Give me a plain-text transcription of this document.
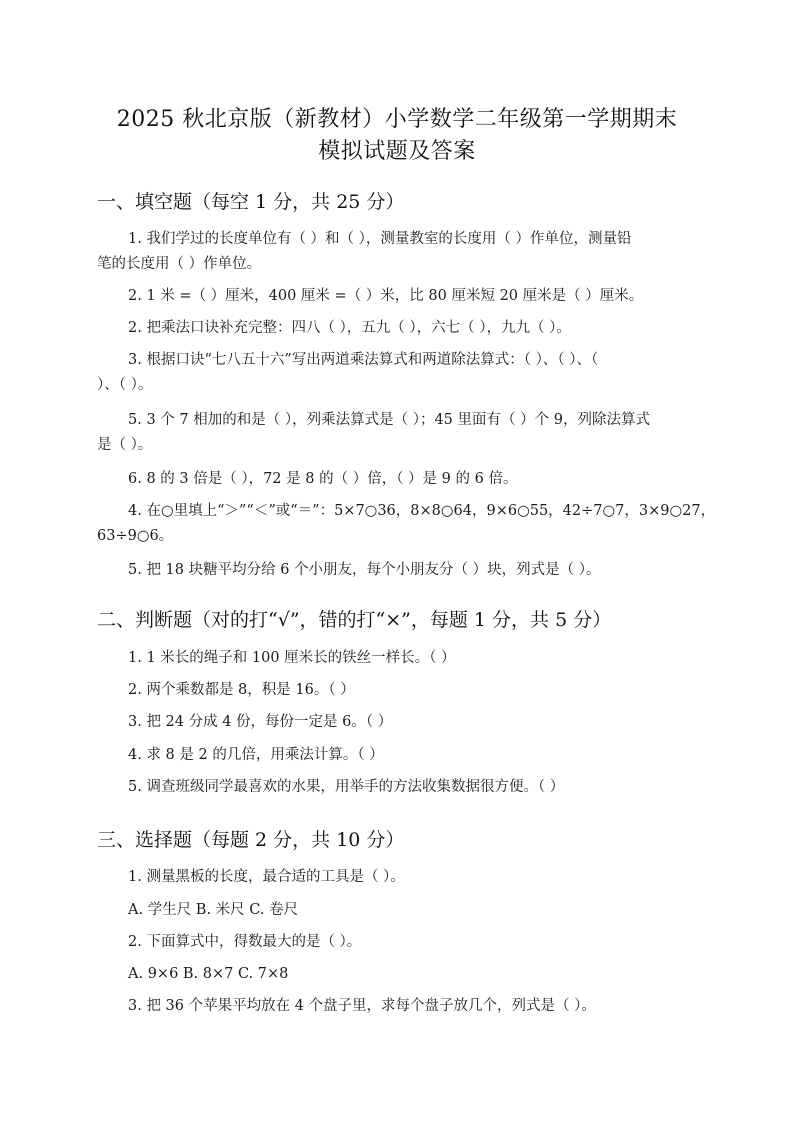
2025 秋北京版（新教材）小学数学二年级第一学期期末
模拟试题及答案
一、填空题（每空 1 分，共 25 分）
1. 我们学过的长度单位有（ ）和（ ），测量教室的长度用（ ）作单位，测量铅
笔的长度用（ ）作单位。
2. 1 米 =（ ）厘米，400 厘米 =（ ）米，比 80 厘米短 20 厘米是（ ）厘米。
2. 把乘法口诀补充完整：四八（ ），五九（ ），六七（ ），九九（ ）。
3. 根据口诀“七八五十六”写出两道乘法算式和两道除法算式：（ ）、（ ）、（
）、（ ）。
5. 3 个 7 相加的和是（ ），列乘法算式是（ ）；45 里面有（ ）个 9，列除法算式
是（ ）。
6. 8 的 3 倍是（ ），72 是 8 的（ ）倍，（ ）是 9 的 6 倍。
4. 在○里填上“＞”“＜”或“＝”：5×7○36，8×8○64，9×6○55，42÷7○7，3×9○27，
63÷9○6。
5. 把 18 块糖平均分给 6 个小朋友，每个小朋友分（ ）块，列式是（ ）。
二、判断题（对的打“√”，错的打“×”，每题 1 分，共 5 分）
1. 1 米长的绳子和 100 厘米长的铁丝一样长。（ ）
2. 两个乘数都是 8，积是 16。（ ）
3. 把 24 分成 4 份，每份一定是 6。（ ）
4. 求 8 是 2 的几倍，用乘法计算。（ ）
5. 调查班级同学最喜欢的水果，用举手的方法收集数据很方便。（ ）
三、选择题（每题 2 分，共 10 分）
1. 测量黑板的长度，最合适的工具是（ ）。
A. 学生尺 B. 米尺 C. 卷尺
2. 下面算式中，得数最大的是（ ）。
A. 9×6 B. 8×7 C. 7×8
3. 把 36 个苹果平均放在 4 个盘子里，求每个盘子放几个，列式是（ ）。
